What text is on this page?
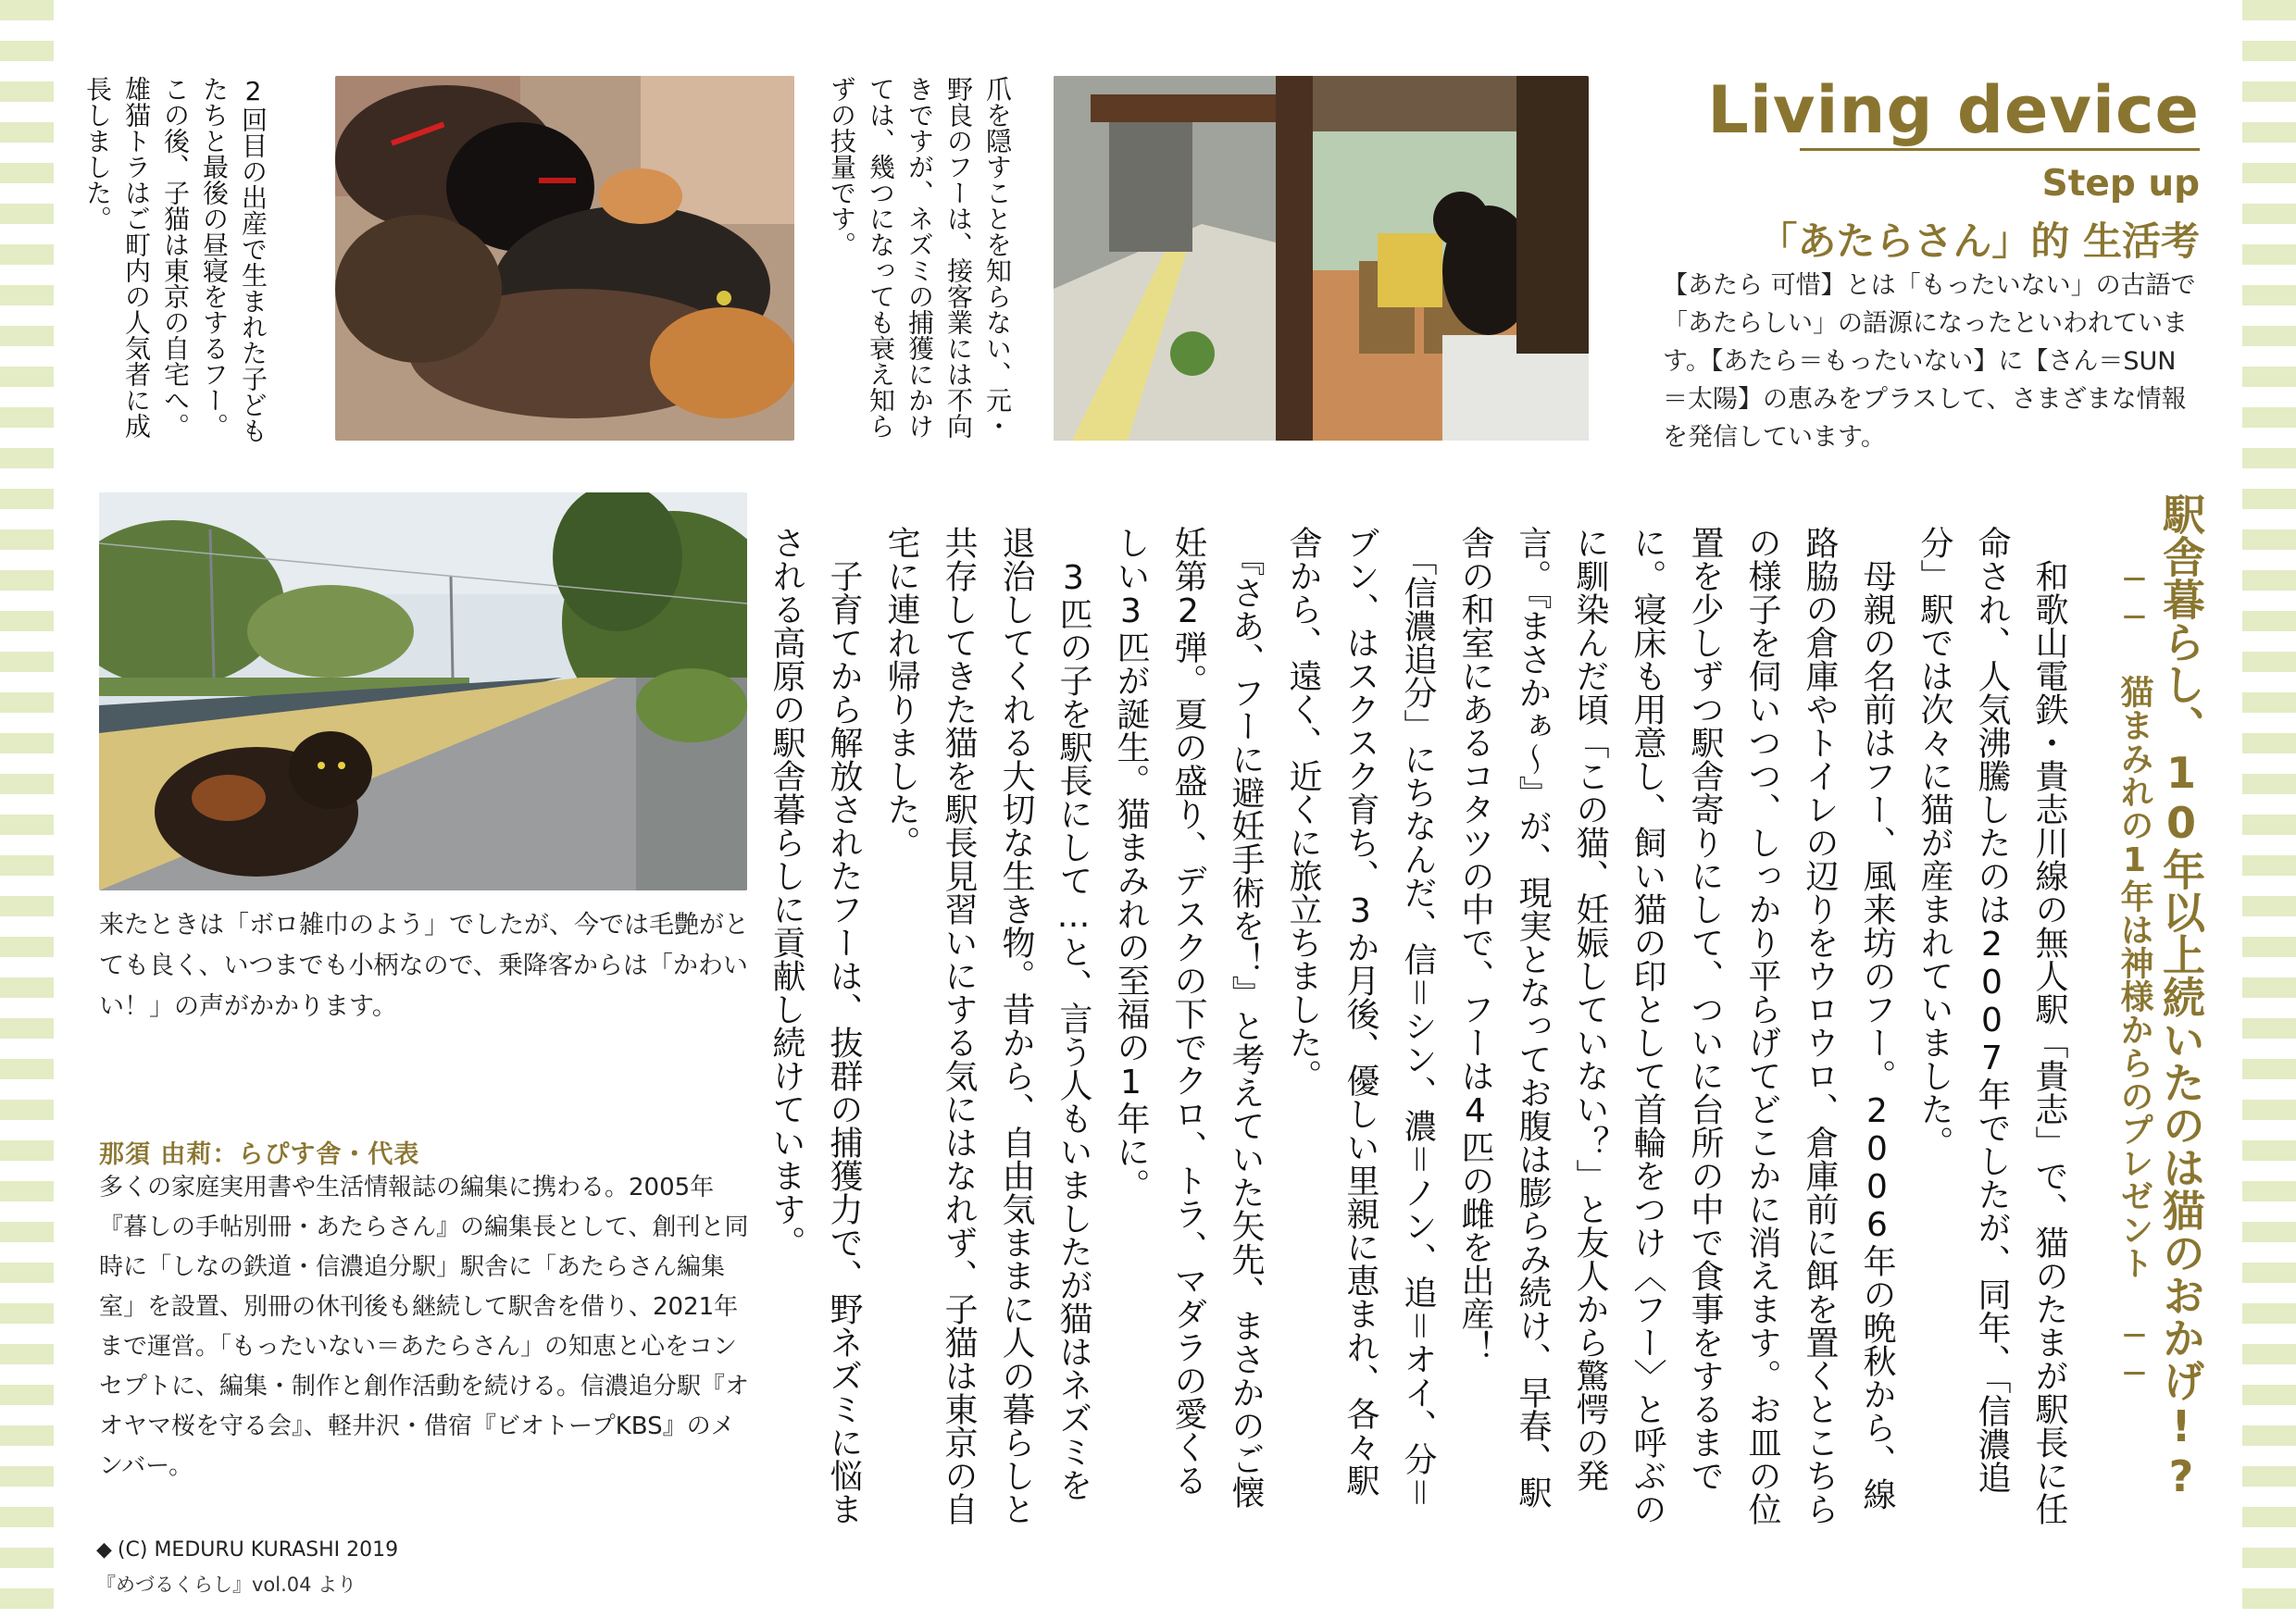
Living device
Step up
「あたらさん」的 生活考
【あたら 可惜】とは「もったいない」の古語で「あたらしい」の語源になったといわれています。【あたら＝もったいない】に【さん＝SUN＝太陽】の恵みをプラスして、さまざまな情報を発信しています。
駅舎暮らし、10年以上続いたのは猫のおかげ!?
── 猫まみれの1年は神様からのプレゼント ──
　和歌山電鉄・貴志川線の無人駅「貴志」で、猫のたまが駅長に任命され、人気沸騰したのは2007年でしたが、同年、「信濃追分」駅では次々に猫が産まれていました。
　母親の名前はフー、風来坊のフー。2006年の晩秋から、線路脇の倉庫やトイレの辺りをウロウロ、倉庫前に餌を置くとこちらの様子を伺いつつ、しっかり平らげてどこかに消えます。お皿の位置を少しずつ駅舎寄りにして、ついに台所の中で食事をするまでに。寝床も用意し、飼い猫の印として首輪をつけ〈フー〉と呼ぶのに馴染んだ頃「この猫、妊娠していない？」と友人から驚愕の発言。『まさかぁ〜』が、現実となってお腹は膨らみ続け、早春、駅舎の和室にあるコタツの中で、フーは4匹の雌を出産！
　「信濃追分」にちなんだ、信＝シン、濃＝ノン、追＝オイ、分＝ブン、はスクスク育ち、3か月後、優しい里親に恵まれ、各々駅舎から、遠く、近くに旅立ちました。
　『さあ、フーに避妊手術を！』と考えていた矢先、まさかのご懐妊第2弾。夏の盛り、デスクの下でクロ、トラ、マダラの愛くるしい3匹が誕生。猫まみれの至福の1年に。
　3匹の子を駅長にして…と、言う人もいましたが猫はネズミを退治してくれる大切な生き物。昔から、自由気ままに人の暮らしと共存してきた猫を駅長見習いにする気にはなれず、子猫は東京の自宅に連れ帰りました。
　子育てから解放されたフーは、抜群の捕獲力で、野ネズミに悩まされる高原の駅舎暮らしに貢献し続けています。
2回目の出産で生まれた子どもたちと最後の昼寝をするフー。この後、子猫は東京の自宅へ。雄猫トラはご町内の人気者に成長しました。	爪を隠すことを知らない、元・野良のフーは、接客業には不向きですが、ネズミの捕獲にかけては、幾つになっても衰え知らずの技量です。
来たときは「ボロ雑巾のよう」でしたが、今では毛艶がとても良く、いつまでも小柄なので、乗降客からは「かわいい！」の声がかかります。
那須 由莉：らぴす舎・代表
多くの家庭実用書や生活情報誌の編集に携わる。2005年『暮しの手帖別冊・あたらさん』の編集長として、創刊と同時に「しなの鉄道・信濃追分駅」駅舎に「あたらさん編集室」を設置、別冊の休刊後も継続して駅舎を借り、2021年まで運営。「もったいない＝あたらさん」の知恵と心をコンセプトに、編集・制作と創作活動を続ける。信濃追分駅『オオヤマ桜を守る会』、軽井沢・借宿『ビオトープKBS』のメンバー。
◆ (C) MEDURU KURASHI 2019
『めづるくらし』vol.04 より
